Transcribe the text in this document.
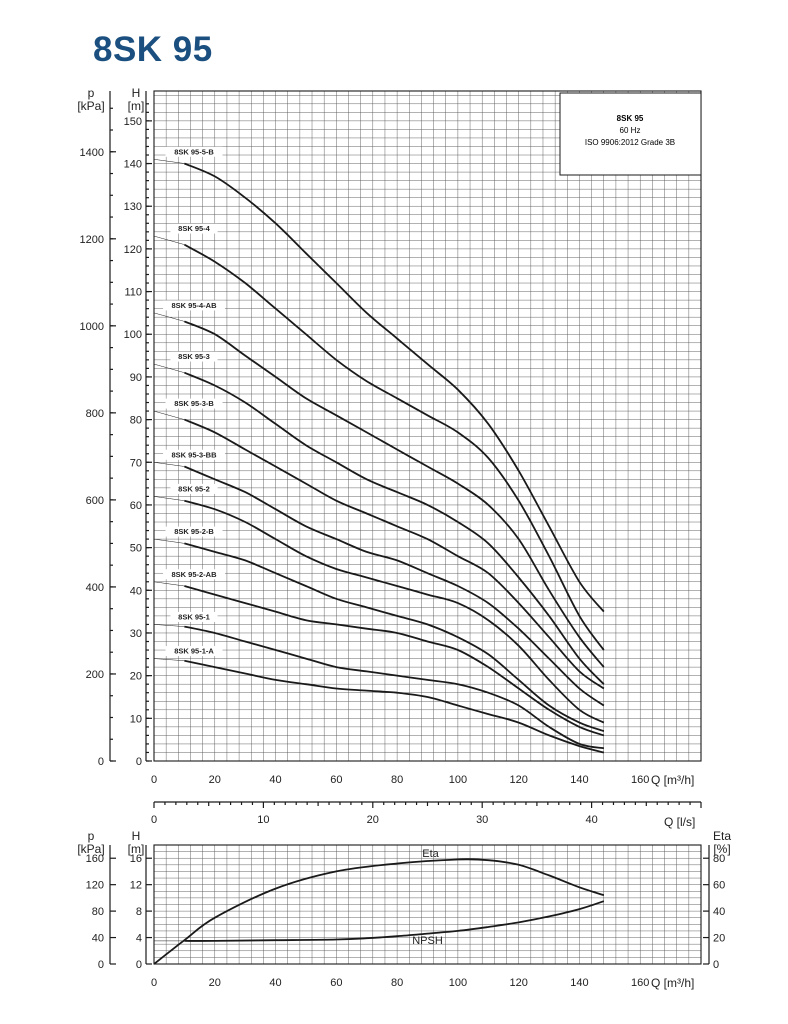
8SK 95
0
10
20
30
40
50
60
70
80
90
100
110
120
130
140
150
0
200
400
600
800
1000
1200
1400
0	20	40	60	80	100	120	140	160
0	10	20	30	40
0
4
8
12
16
0
40
80
120
160
0
20
40
60
80
0	20	40	60	80	100	120	140	160
Eta
NPSH
8SK 95-5-B
8SK 95-4
8SK 95-4-AB
8SK 95-3
8SK 95-3-B
8SK 95-3-BB
8SK 95-2
8SK 95-2-B
8SK 95-2-AB
8SK 95-1
8SK 95-1-A
8SK 95
60 Hz
ISO 9906:2012 Grade 3B
p
[kPa]
H
[m]
Q [m³/h]
Q [l/s]
p
[kPa]
H
[m]
Eta
[%]
Q [m³/h]
